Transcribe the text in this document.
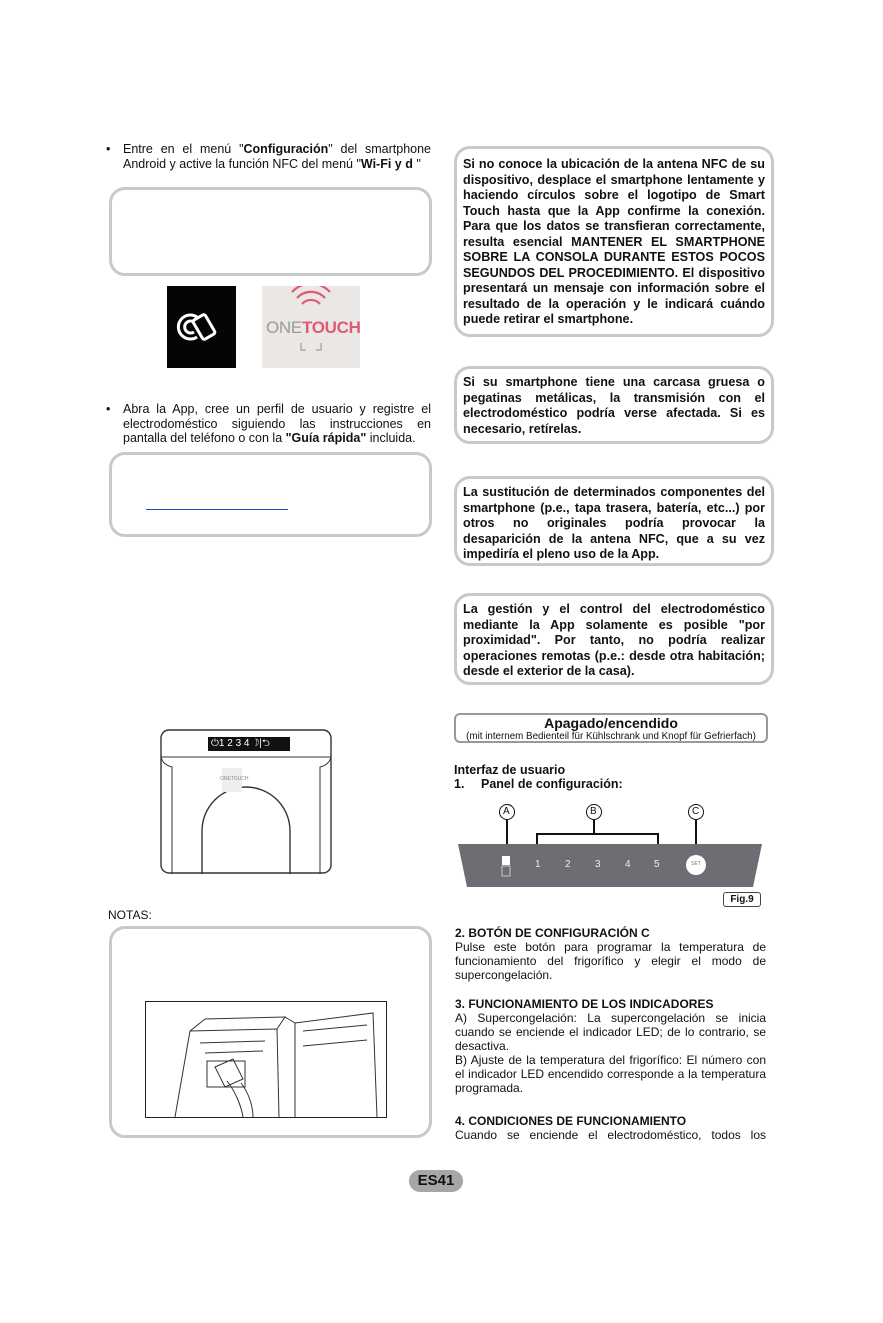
•	Entre en el menú "Configuración" del smartphone Android y active la función NFC del menú "Wi-Fi y d "
ONETOUCH
•	Abra la App, cree un perfil de usuario y registre el electrodoméstico siguiendo las instrucciones en pantalla del teléfono o con la "Guía rápida" incluida.
⏻1 2 3 4 ☽|⮌
ONETOUCH
NOTAS:
Si no conoce la ubicación de la antena NFC de su dispositivo, desplace el smartphone lentamente y haciendo círculos sobre el logotipo de Smart Touch hasta que la App confirme la conexión. Para que los datos se transfieran correctamente, resulta esencial MANTENER EL SMARTPHONE SOBRE LA CONSOLA DURANTE ESTOS POCOS SEGUNDOS DEL PROCEDIMIENTO. El dispositivo presentará un mensaje con información sobre el resultado de la operación y le indicará cuándo puede retirar el smartphone.
Si su smartphone tiene una carcasa gruesa o pegatinas metálicas, la transmisión con el electrodoméstico podría verse afectada. Si es necesario, retírelas.
La sustitución de determinados componentes del smartphone (p.e., tapa trasera, batería, etc...) por otros no originales podría provocar la desaparición de la antena NFC, que a su vez impediría el pleno uso de la App.
La gestión y el control del electrodoméstico mediante la App solamente es posible "por proximidad". Por tanto, no podría realizar operaciones remotas (p.e.: desde otra habitación; desde el exterior de la casa).
Apagado/encendido
(mit internem Bedienteil für Kühlschrank und Knopf für Gefrierfach)
Interfaz de usuario
1. Panel de configuración:
A	B	C
1 2 3 4 5	SET
Fig.9
2. BOTÓN DE CONFIGURACIÓN C
Pulse este botón para programar la temperatura de funcionamiento del frigorífico y elegir el modo de supercongelación.
3. FUNCIONAMIENTO DE LOS INDICADORES
A) Supercongelación: La supercongelación se inicia cuando se enciende el indicador LED; de lo contrario, se desactiva.
B) Ajuste de la temperatura del frigorífico: El número con el indicador LED encendido corresponde a la temperatura programada.
4. CONDICIONES DE FUNCIONAMIENTO
Cuando se enciende el electrodoméstico, todos los
ES41
